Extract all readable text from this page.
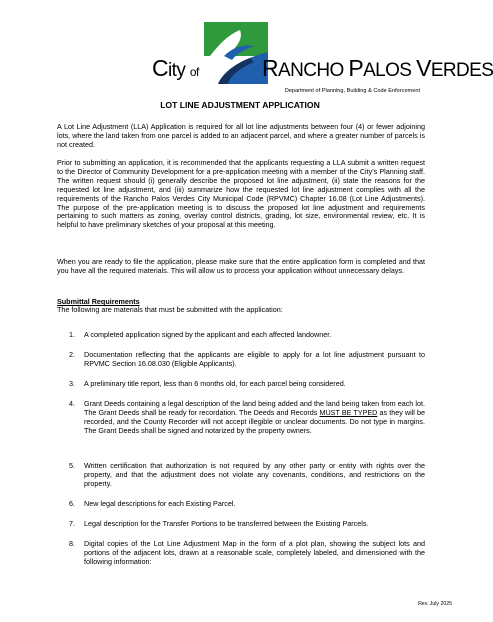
City of	RANCHO PALOS VERDES
Department of Planning, Building & Code Enforcement
LOT LINE ADJUSTMENT APPLICATION

A Lot Line Adjustment (LLA) Application is required for all lot line adjustments between four (4) or fewer adjoining lots, where the land taken from one parcel is added to an adjacent parcel, and where a greater number of parcels is not created.

Prior to submitting an application, it is recommended that the applicants requesting a LLA submit a written request to the Director of Community Development for a pre-application meeting with a member of the City's Planning staff. The written request should (i) generally describe the proposed lot line adjustment, (ii) state the reasons for the requested lot line adjustment, and (iii) summarize how the requested lot line adjustment complies with all the requirements of the Rancho Palos Verdes City Municipal Code (RPVMC) Chapter 16.08 (Lot Line Adjustments). The purpose of the pre-application meeting is to discuss the proposed lot line adjustment and requirements pertaining to such matters as zoning, overlay control districts, grading, lot size, environmental review, etc. It is helpful to have preliminary sketches of your proposal at this meeting.

When you are ready to file the application, please make sure that the entire application form is completed and that you have all the required materials. This will allow us to process your application without unnecessary delays.

Submittal Requirements
The following are materials that must be submitted with the application:
1. A completed application signed by the applicant and each affected landowner.
2. Documentation reflecting that the applicants are eligible to apply for a lot line adjustment pursuant to RPVMC Section 16.08.030 (Eligible Applicants).
3. A preliminary title report, less than 6 months old, for each parcel being considered.
4. Grant Deeds containing a legal description of the land being added and the land being taken from each lot. The Grant Deeds shall be ready for recordation. The Deeds and Records MUST BE TYPED as they will be recorded, and the County Recorder will not accept illegible or unclear documents. Do not type in margins. The Grant Deeds shall be signed and notarized by the property owners.
5. Written certification that authorization is not required by any other party or entity with rights over the property, and that the adjustment does not violate any covenants, conditions, and restrictions on the property.
6. New legal descriptions for each Existing Parcel.
7. Legal description for the Transfer Portions to be transferred between the Existing Parcels.
8. Digital copies of the Lot Line Adjustment Map in the form of a plot plan, showing the subject lots and portions of the adjacent lots, drawn at a reasonable scale, completely labeled, and dimensioned with the following information:
Rev. July 2025
